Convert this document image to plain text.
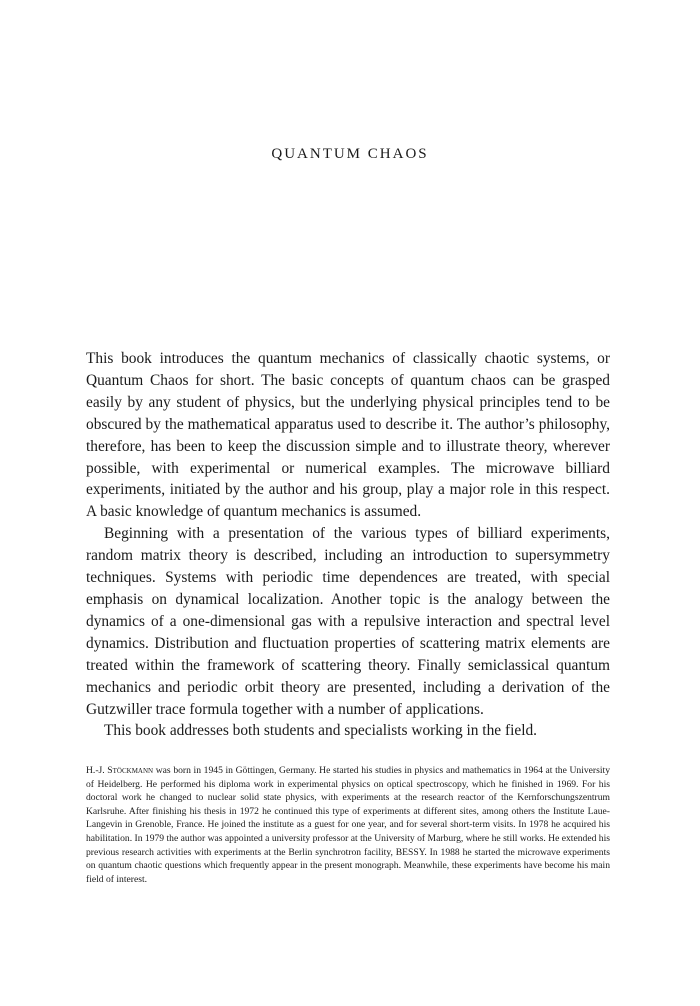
QUANTUM CHAOS

This book introduces the quantum mechanics of classically chaotic systems, or Quantum Chaos for short. The basic concepts of quantum chaos can be grasped easily by any student of physics, but the underlying physical principles tend to be obscured by the mathematical apparatus used to describe it. The author’s philosophy, therefore, has been to keep the discussion simple and to illustrate theory, wherever possible, with experimental or numerical examples. The microwave billiard experiments, initiated by the author and his group, play a major role in this respect. A basic knowledge of quantum mechanics is assumed.

Beginning with a presentation of the various types of billiard experiments, random matrix theory is described, including an introduction to supersymmetry techniques. Systems with periodic time dependences are treated, with special emphasis on dynamical localization. Another topic is the analogy between the dynamics of a one-dimensional gas with a repulsive interaction and spectral level dynamics. Distribution and fluctuation properties of scattering matrix elements are treated within the framework of scattering theory. Finally semiclassical quantum mechanics and periodic orbit theory are presented, including a derivation of the Gutzwiller trace formula together with a number of applications.

This book addresses both students and specialists working in the field.

H.-J. Stöckmann was born in 1945 in Göttingen, Germany. He started his studies in physics and mathematics in 1964 at the University of Heidelberg. He performed his diploma work in experimental physics on optical spectroscopy, which he finished in 1969. For his doctoral work he changed to nuclear solid state physics, with experiments at the research reactor of the Kernforschungszentrum Karlsruhe. After finishing his thesis in 1972 he continued this type of experiments at different sites, among others the Institute Laue-Langevin in Grenoble, France. He joined the institute as a guest for one year, and for several short-term visits. In 1978 he acquired his habilitation. In 1979 the author was appointed a university professor at the University of Marburg, where he still works. He extended his previous research activities with experiments at the Berlin synchrotron facility, BESSY. In 1988 he started the microwave experiments on quantum chaotic questions which frequently appear in the present monograph. Meanwhile, these experiments have become his main field of interest.
